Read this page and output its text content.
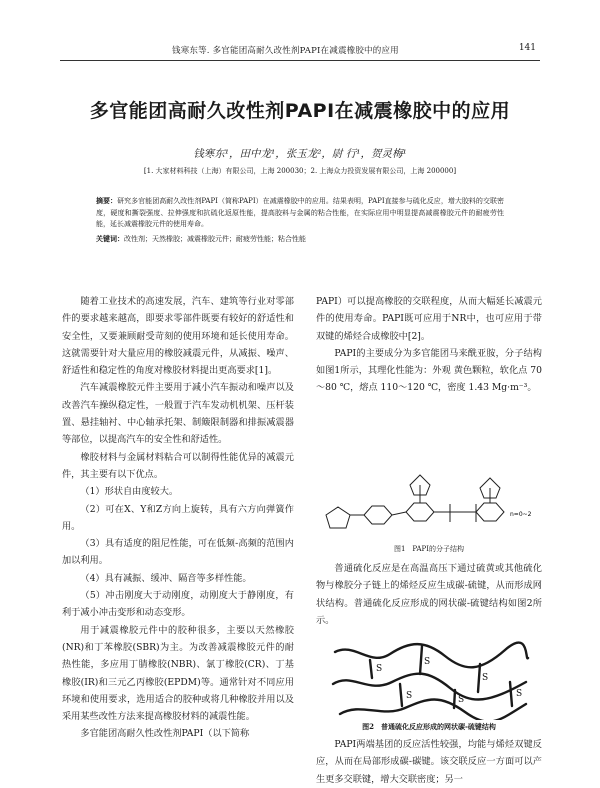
钱寒东等. 多官能团高耐久改性剂PAPI在减震橡胶中的应用	141
多官能团高耐久改性剂PAPI在减震橡胶中的应用
钱寒东¹，田中龙¹，张玉龙²，尉 行¹，贺灵梅¹
[1. 大家材料科技（上海）有限公司，上海 200030；2. 上海众力投资发展有限公司，上海 200000]
摘要：研究多官能团高耐久改性剂PAPI（简称PAPI）在减震橡胶中的应用。结果表明，PAPI直接参与硫化反应，增大胶料的交联密度，硬度和撕裂强度、拉伸强度和抗硫化返原性能，提高胶料与金属的粘合性能，在实际应用中明显提高减震橡胶元件的耐疲劳性能，延长减震橡胶元件的使用寿命。
关键词：改性剂；天然橡胶；减震橡胶元件；耐疲劳性能；粘合性能

随着工业技术的高速发展，汽车、建筑等行业对零部件的要求越来越高，即要求零部件既要有较好的舒适性和安全性，又要兼顾耐受苛刻的使用环境和延长使用寿命。这就需要针对大量应用的橡胶减震元件，从减振、噪声、舒适性和稳定性的角度对橡胶材料提出更高要求[1]。

汽车减震橡胶元件主要用于减小汽车振动和噪声以及改善汽车操纵稳定性，一般置于汽车发动机机架、压杆装置、悬挂轴衬、中心轴承托架、制簸限制器和排振减震器等部位，以提高汽车的安全性和舒适性。

橡胶材料与金属材料粘合可以制得性能优异的减震元件，其主要有以下优点。

（1）形状自由度较大。

（2）可在X、Y和Z方向上旋转，具有六方向弹簧作用。

（3）具有适度的阻尼性能，可在低频-高频的范围内加以利用。

（4）具有减振、缓冲、隔音等多样性能。

（5）冲击刚度大于动刚度，动刚度大于静刚度，有利于减小冲击变形和动态变形。

用于减震橡胶元件中的胶种很多，主要以天然橡胶(NR)和丁苯橡胶(SBR)为主。为改善减震橡胶元件的耐热性能，多应用丁腈橡胶(NBR)、氯丁橡胶(CR)、丁基橡胶(IR)和三元乙丙橡胶(EPDM)等。通常针对不同应用环境和使用要求，选用适合的胶种或将几种橡胶并用以及采用某些改性方法来提高橡胶材料的减震性能。

多官能团高耐久性改性剂PAPI（以下简称

PAPI）可以提高橡胶的交联程度，从而大幅延长减震元件的使用寿命。PAPI既可应用于NR中，也可应用于带双键的烯烃合成橡胶中[2]。

PAPI的主要成分为多官能团马来酰亚胺，分子结构如图1所示，其理化性能为：外观 黄色颗粒，软化点 70～80 ℃，熔点 110～120 ℃，密度 1.43 Mg·m⁻³。

n=0~2
图1　PAPI的分子结构

普通硫化反应是在高温高压下通过硫黄或其他硫化物与橡胶分子链上的烯烃反应生成碳-硫键，从而形成网状结构。普通硫化反应形成的网状碳-硫键结构如图2所示。

S
S
S
S	S
S
图2　普通硫化反应形成的网状碳-硫键结构

PAPI两端基团的反应活性较强，均能与烯烃双键反应，从而在局部形成碳-碳键。该交联反应一方面可以产生更多交联键，增大交联密度；另一
